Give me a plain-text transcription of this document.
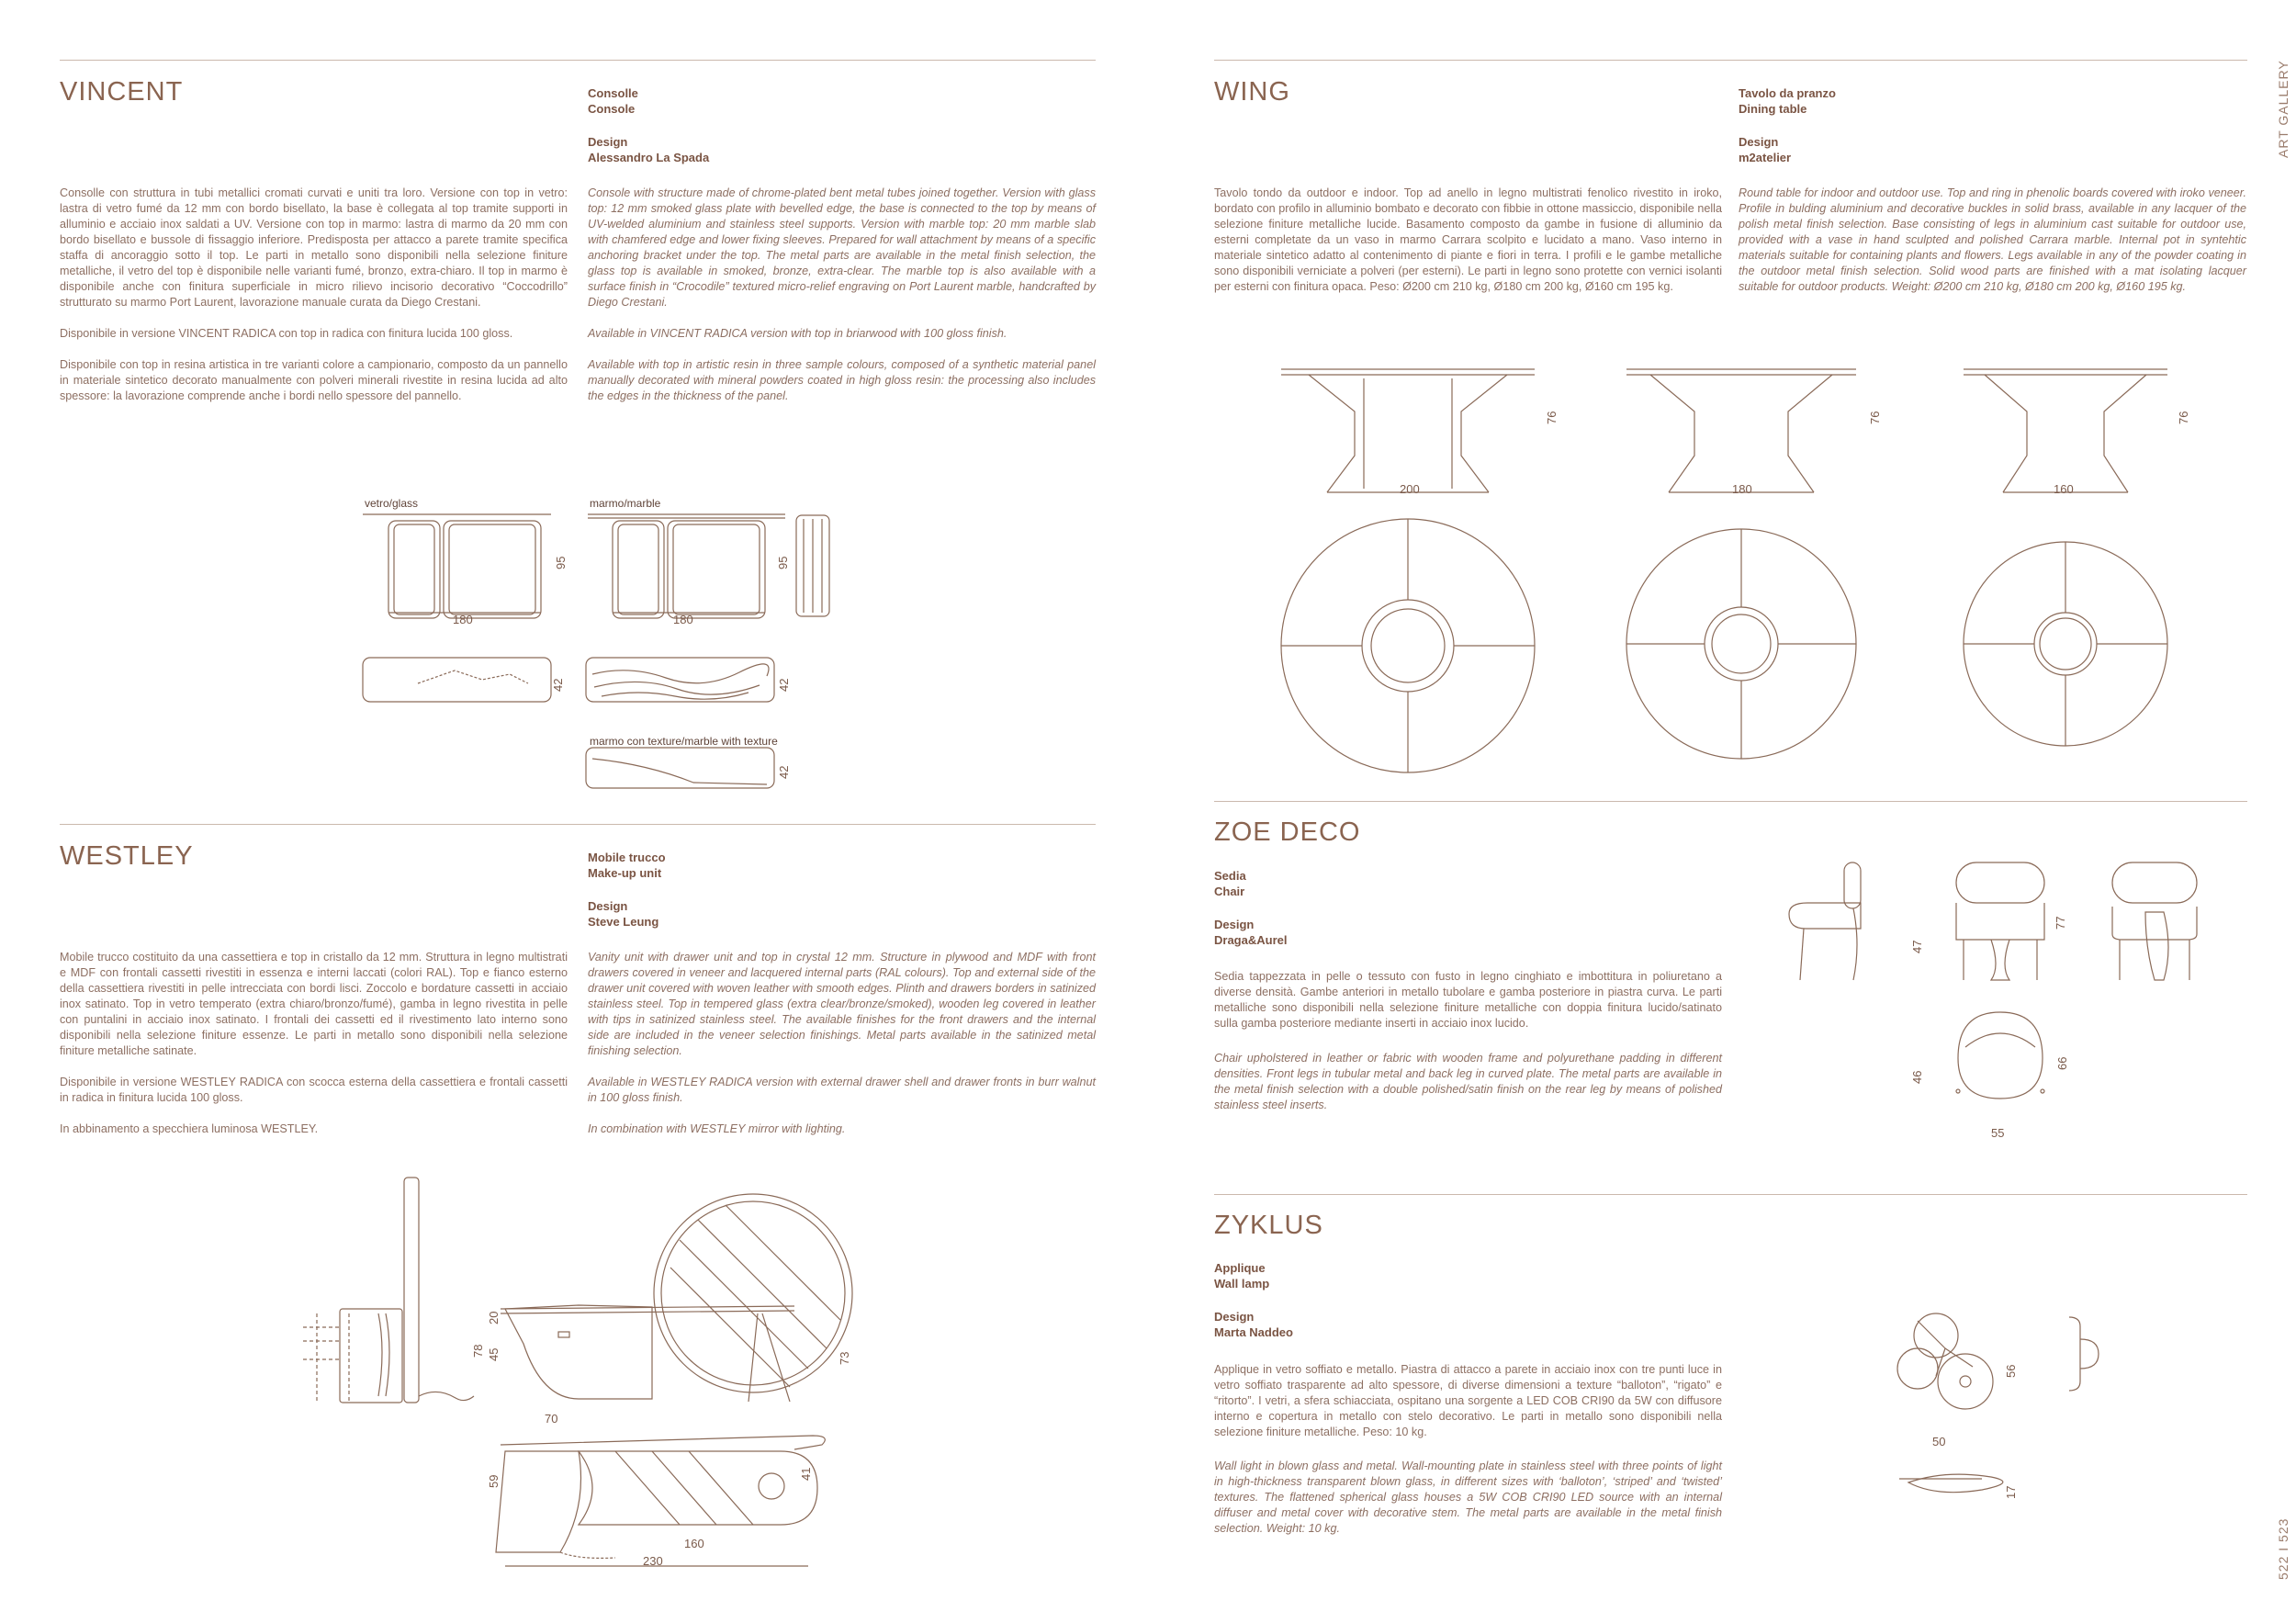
ART GALLERY
522 I 523
VINCENT	Consolle
Console
Design
Alessandro La Spada

Consolle con struttura in tubi metallici cromati curvati e uniti tra loro. Versione con top in vetro: lastra di vetro fumé da 12 mm con bordo bisellato, la base è collegata al top tramite supporti in alluminio e acciaio inox saldati a UV. Versione con top in marmo: lastra di marmo da 20 mm con bordo bisellato e bussole di fissaggio inferiore. Predisposta per attacco a parete tramite specifica staffa di ancoraggio sotto il top. Le parti in metallo sono disponibili nella selezione finiture metalliche, il vetro del top è disponibile nelle varianti fumé, bronzo, extra-chiaro. Il top in marmo è disponibile anche con finitura superficiale in micro rilievo incisorio decorativo “Coccodrillo” strutturato su marmo Port Laurent, lavorazione manuale curata da Diego Crestani.

Disponibile in versione VINCENT RADICA con top in radica con finitura lucida 100 gloss.

Disponibile con top in resina artistica in tre varianti colore a campionario, composto da un pannello in materiale sintetico decorato manualmente con polveri minerali rivestite in resina lucida ad alto spessore: la lavorazione comprende anche i bordi nello spessore del pannello.

Console with structure made of chrome-plated bent metal tubes joined together. Version with glass top: 12 mm smoked glass plate with bevelled edge, the base is connected to the top by means of UV-welded aluminium and stainless steel supports. Version with marble top: 20 mm marble slab with chamfered edge and lower fixing sleeves. Prepared for wall attachment by means of a specific anchoring bracket under the top. The metal parts are available in the metal finish selection, the glass top is available in smoked, bronze, extra-clear. The marble top is also available with a surface finish in “Crocodile” textured micro-relief engraving on Port Laurent marble, handcrafted by Diego Crestani.

Available in VINCENT RADICA version with top in briarwood with 100 gloss finish.

Available with top in artistic resin in three sample colours, composed of a synthetic material panel manually decorated with mineral powders coated in high gloss resin: the processing also includes the edges in the thickness of the panel.

vetro/glass	marmo/marble
180	180
95	95
42	42
marmo con texture/marble with texture
42
WESTLEY	Mobile trucco
Make-up unit
Design
Steve Leung

Mobile trucco costituito da una cassettiera e top in cristallo da 12 mm. Struttura in legno multistrati e MDF con frontali cassetti rivestiti in essenza e interni laccati (colori RAL). Top e fianco esterno della cassettiera rivestiti in pelle intrecciata con bordi lisci. Zoccolo e bordature cassetti in acciaio inox satinato. Top in vetro temperato (extra chiaro/bronzo/fumé), gamba in legno rivestita in pelle con puntalini in acciaio inox satinato. I frontali dei cassetti ed il rivestimento lato interno sono disponibili nella selezione finiture essenze. Le parti in metallo sono disponibili nella selezione finiture metalliche satinate.

Disponibile in versione WESTLEY RADICA con scocca esterna della cassettiera e frontali cassetti in radica in finitura lucida 100 gloss.

In abbinamento a specchiera luminosa WESTLEY.

Vanity unit with drawer unit and top in crystal 12 mm. Structure in plywood and MDF with front drawers covered in veneer and lacquered internal parts (RAL colours). Top and external side of the drawer unit covered with woven leather with smooth edges. Plinth and drawers borders in satinized stainless steel. Top in tempered glass (extra clear/bronze/smoked), wooden leg covered in leather with tips in satinized stainless steel. The available finishes for the front drawers and the internal side are included in the veneer selection finishings. Metal parts available in the satinized metal finishing selection.

Available in WESTLEY RADICA version with external drawer shell and drawer fronts in burr walnut in 100 gloss finish.

In combination with WESTLEY mirror with lighting.

78 45
20
70
73
59
41
160
230
WING	Tavolo da pranzo
Dining table
Design
m2atelier

Tavolo tondo da outdoor e indoor. Top ad anello in legno multistrati fenolico rivestito in iroko, bordato con profilo in alluminio bombato e decorato con fibbie in ottone massiccio, disponibile nella selezione finiture metalliche lucide. Basamento composto da gambe in fusione di alluminio da esterni completate da un vaso in marmo Carrara scolpito e lucidato a mano. Vaso interno in materiale sintetico adatto al contenimento di piante e fiori in terra. I profili e le gambe metalliche sono disponibili verniciate a polveri (per esterni). Le parti in legno sono protette con vernici isolanti per esterni con finitura opaca. Peso: Ø200 cm 210 kg, Ø180 cm 200 kg, Ø160 cm 195 kg.

Round table for indoor and outdoor use. Top and ring in phenolic boards covered with iroko veneer. Profile in bulding aluminium and decorative buckles in solid brass, available in any lacquer of the polish metal finish selection. Base consisting of legs in aluminium cast suitable for outdoor use, provided with a vase in hand sculpted and polished Carrara marble. Internal pot in syntehtic materials suitable for containing plants and flowers. Legs available in any of the powder coating in the outdoor metal finish selection. Solid wood parts are finished with a mat isolating lacquer suitable for outdoor products. Weight: Ø200 cm 210 kg, Ø180 cm 200 kg, Ø160 195 kg.

76	76	76
200	180	160
ZOE DECO
Sedia
Chair
Design
Draga&Aurel

Sedia tappezzata in pelle o tessuto con fusto in legno cinghiato e imbottitura in poliuretano a diverse densità. Gambe anteriori in metallo tubolare e gamba posteriore in piastra curva. Le parti metalliche sono disponibili nella selezione finiture metalliche con doppia finitura lucido/satinato sulla gamba posteriore mediante inserti in acciaio inox lucido.

Chair upholstered in leather or fabric with wooden frame and polyurethane padding in different densities. Front legs in tubular metal and back leg in curved plate. The metal parts are available in the metal finish selection with a double polished/satin finish on the rear leg by means of polished stainless steel inserts.

47
77
46
66
55
ZYKLUS
Applique
Wall lamp
Design
Marta Naddeo

Applique in vetro soffiato e metallo. Piastra di attacco a parete in acciaio inox con tre punti luce in vetro soffiato trasparente ad alto spessore, di diverse dimensioni a texture “balloton”, “rigato” e “ritorto”. I vetri, a sfera schiacciata, ospitano una sorgente a LED COB CRI90 da 5W con diffusore interno e copertura in metallo con stelo decorativo. Le parti in metallo sono disponibili nella selezione finiture metalliche. Peso: 10 kg.

Wall light in blown glass and metal. Wall-mounting plate in stainless steel with three points of light in high-thickness transparent blown glass, in different sizes with ‘balloton’, ‘striped’ and ‘twisted’ textures. The flattened spherical glass houses a 5W COB CRI90 LED source with an internal diffuser and metal cover with decorative stem. The metal parts are available in the metal finish selection. Weight: 10 kg.

56
50
17
